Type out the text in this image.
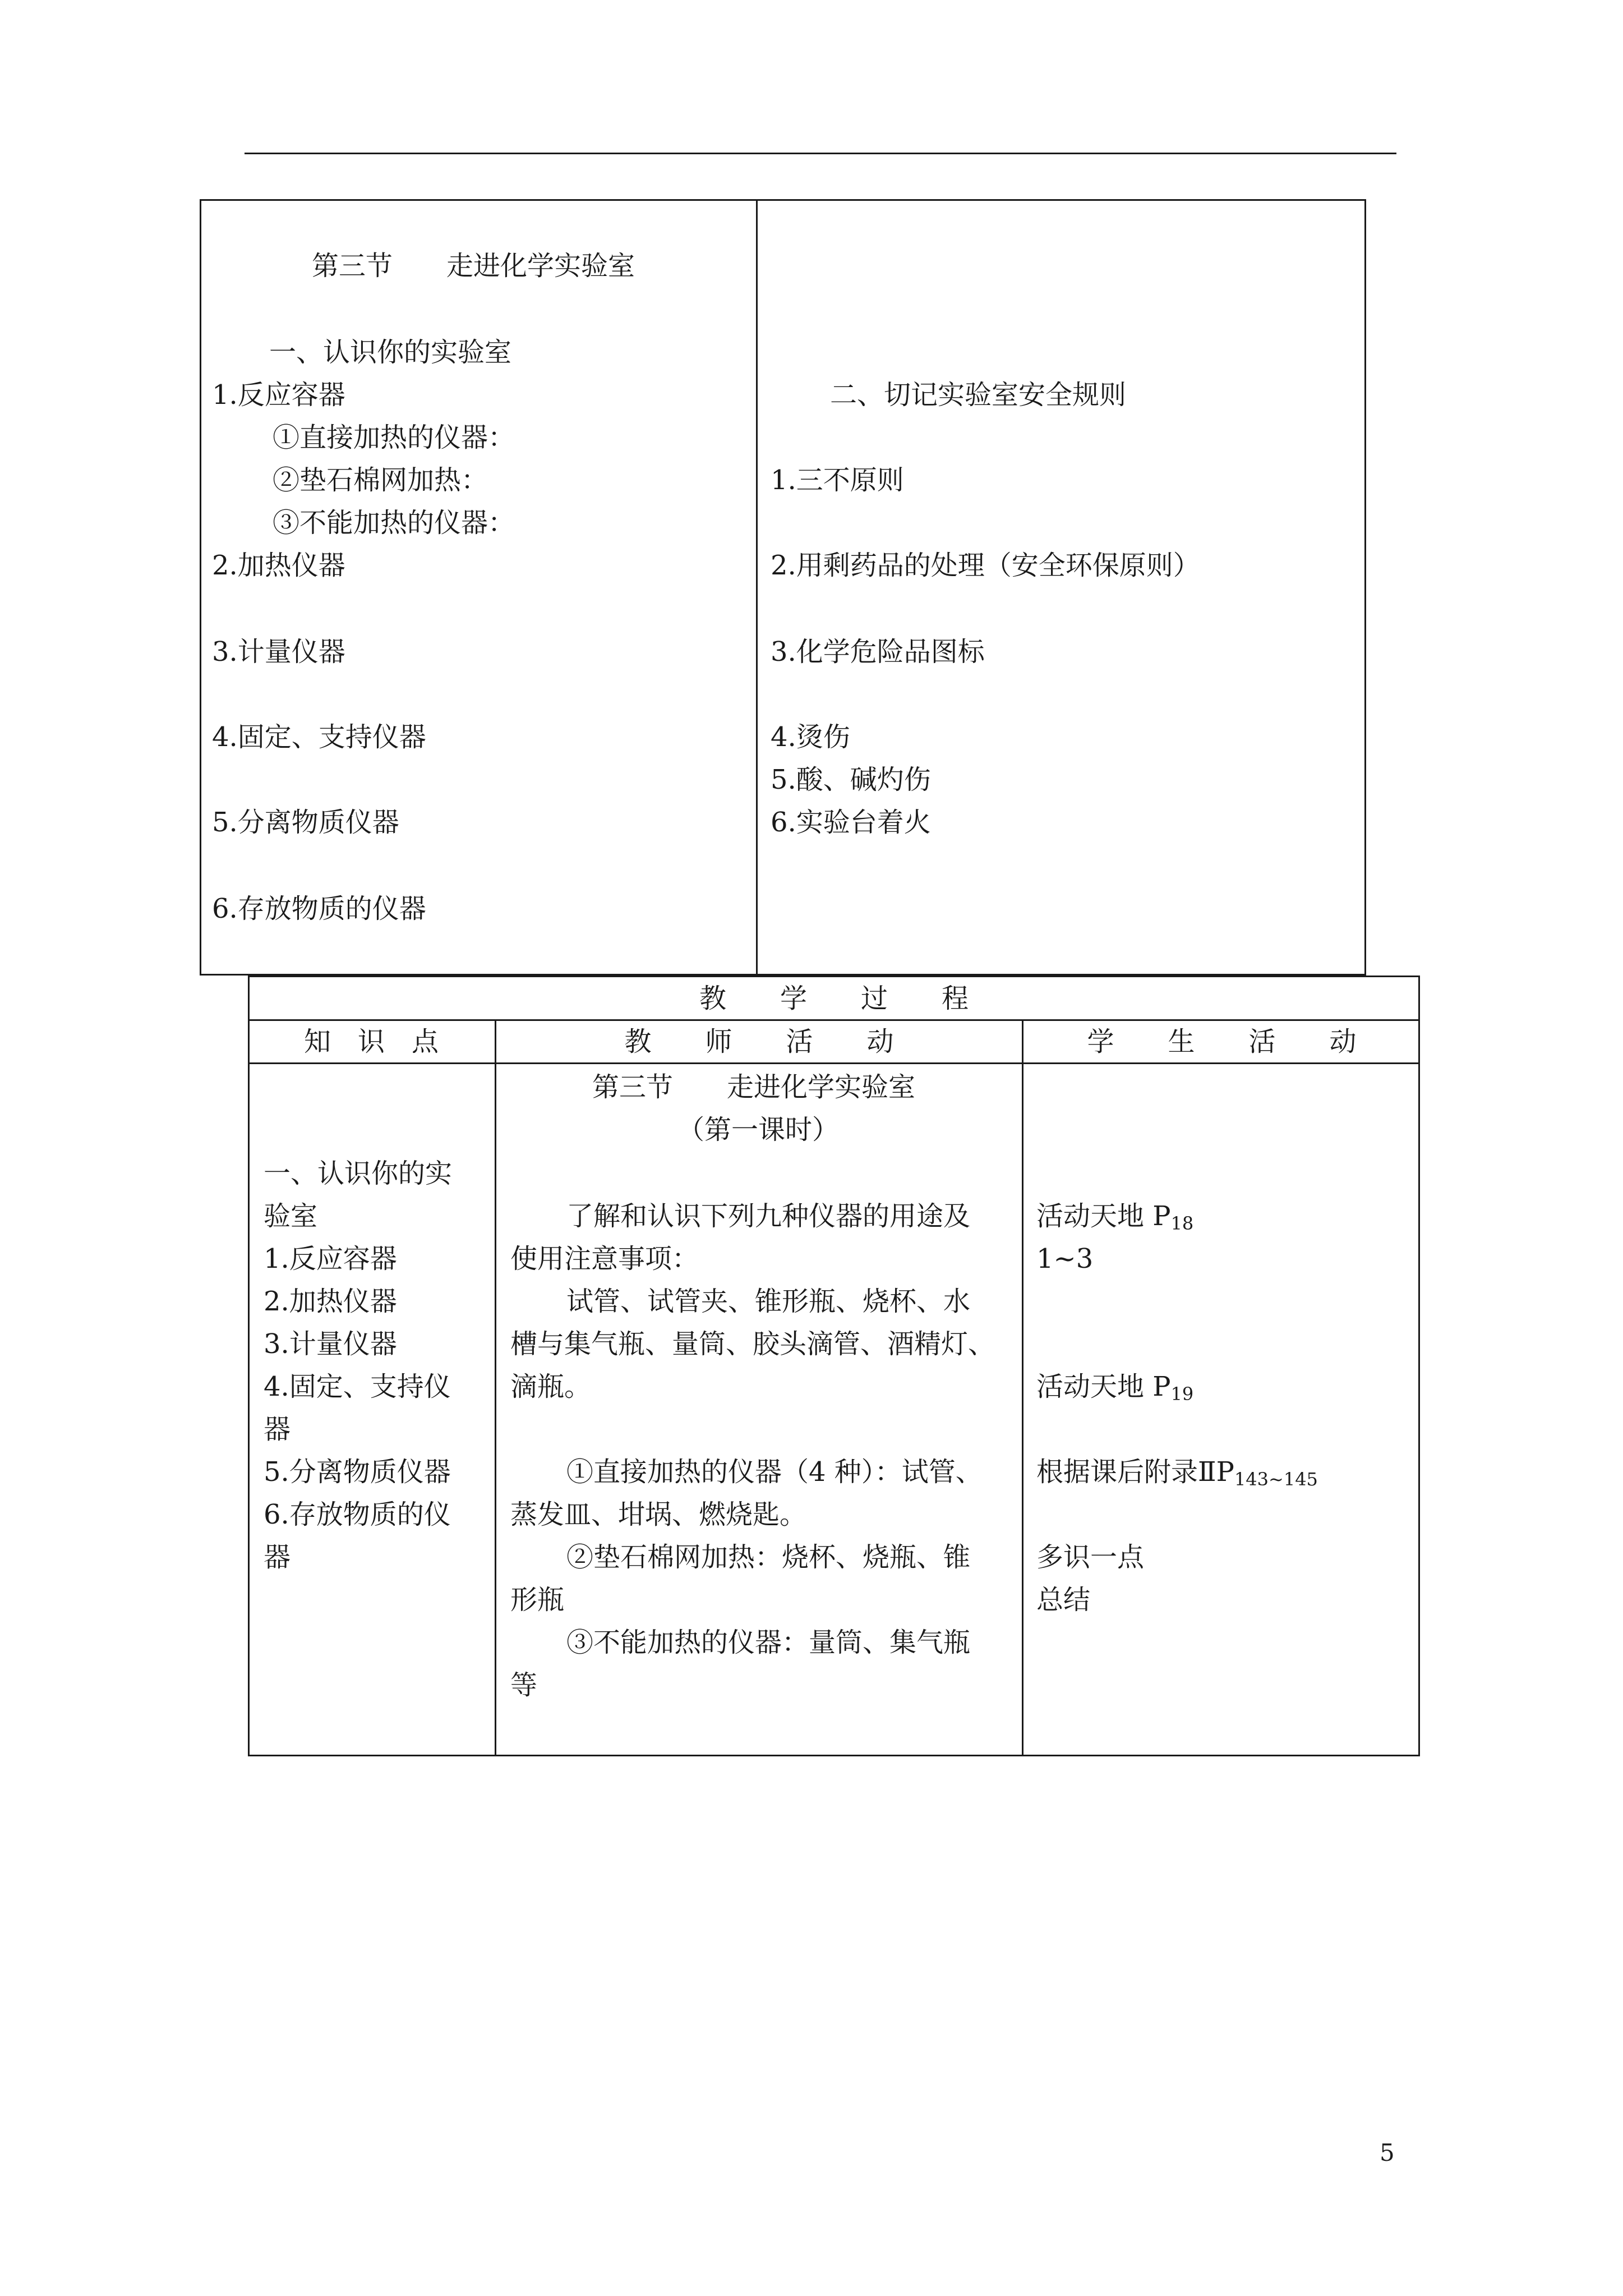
第三节　　走进化学实验室
一、认识你的实验室
1.反应容器
①直接加热的仪器：
②垫石棉网加热：
③不能加热的仪器：
2.加热仪器
3.计量仪器
4.固定、支持仪器
5.分离物质仪器
6.存放物质的仪器
二、切记实验室安全规则
1.三不原则
2.用剩药品的处理（安全环保原则）
3.化学危险品图标
4.烫伤
5.酸、碱灼伤
6.实验台着火
教　　学　　过　　程
知　识　点	教　　师　　活　　动	学　　生　　活　　动
一、认识你的实
验室
1.反应容器
2.加热仪器
3.计量仪器
4.固定、支持仪
器
5.分离物质仪器
6.存放物质的仪
器
第三节　　走进化学实验室
（第一课时）
了解和认识下列九种仪器的用途及
使用注意事项：
试管、试管夹、锥形瓶、烧杯、水
槽与集气瓶、量筒、胶头滴管、酒精灯、
滴瓶。
①直接加热的仪器（4 种）：试管、
蒸发皿、坩埚、燃烧匙。
②垫石棉网加热：烧杯、烧瓶、锥
形瓶
③不能加热的仪器：量筒、集气瓶
等
活动天地 $P_{18}$
1~3
活动天地 $P_{19}$
根据课后附录$ⅡP_{143\sim 145}$
多识一点
总结
5
